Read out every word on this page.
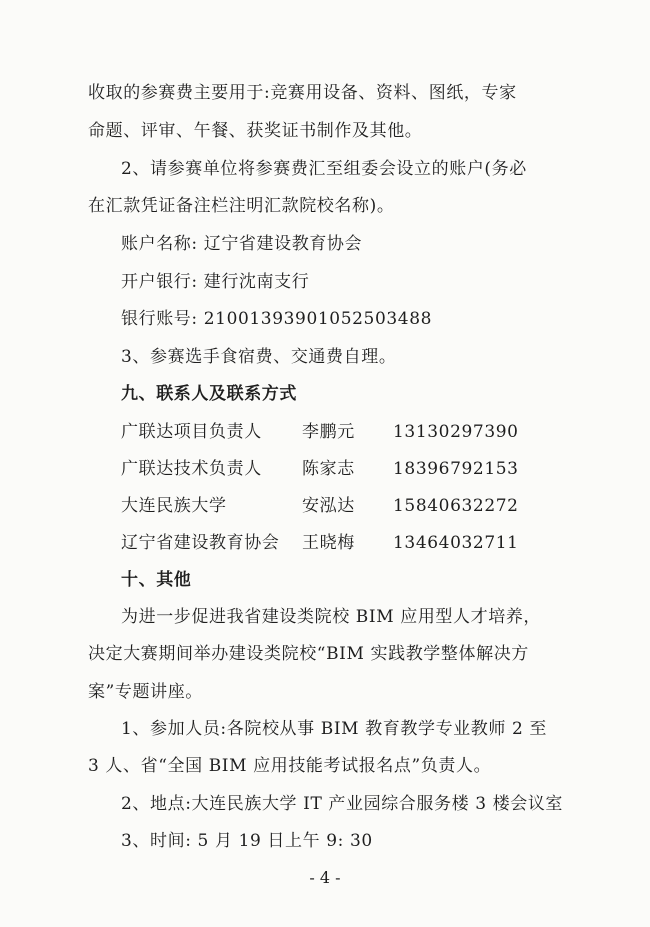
收取的参赛费主要用于:竞赛用设备、资料、图纸，专家
命题、评审、午餐、获奖证书制作及其他。
2、请参赛单位将参赛费汇至组委会设立的账户(务必
在汇款凭证备注栏注明汇款院校名称)。
账户名称: 辽宁省建设教育协会
开户银行: 建行沈南支行
银行账号: 21001393901052503488
3、参赛选手食宿费、交通费自理。
九、联系人及联系方式
广联达项目负责人 李鹏元 13130297390
广联达技术负责人 陈家志 18396792153
大连民族大学	安泓达 15840632272
辽宁省建设教育协会 王晓梅 13464032711
十、其他
为进一步促进我省建设类院校 BIM 应用型人才培养，
决定大赛期间举办建设类院校“BIM 实践教学整体解决方
案”专题讲座。
1、参加人员:各院校从事 BIM 教育教学专业教师 2 至
3 人、省“全国 BIM 应用技能考试报名点”负责人。
2、地点:大连民族大学 IT 产业园综合服务楼 3 楼会议室
3、时间: 5 月 19 日上午 9: 30
- 4 -
